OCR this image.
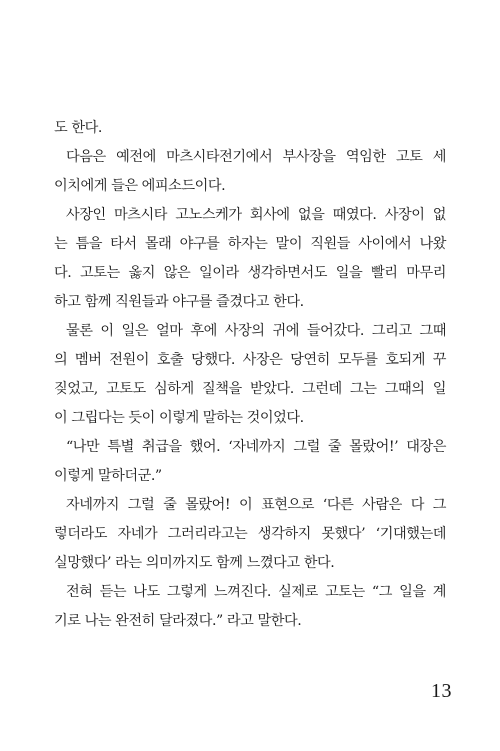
도 한다.
다음은 예전에 마츠시타전기에서 부사장을 역임한 고토 세
이치에게 들은 에피소드이다.
사장인 마츠시타 고노스케가 회사에 없을 때였다. 사장이 없
는 틈을 타서 몰래 야구를 하자는 말이 직원들 사이에서 나왔
다. 고토는 옳지 않은 일이라 생각하면서도 일을 빨리 마무리
하고 함께 직원들과 야구를 즐겼다고 한다.
물론 이 일은 얼마 후에 사장의 귀에 들어갔다. 그리고 그때
의 멤버 전원이 호출 당했다. 사장은 당연히 모두를 호되게 꾸
짖었고, 고토도 심하게 질책을 받았다. 그런데 그는 그때의 일
이 그립다는 듯이 이렇게 말하는 것이었다.
“나만 특별 취급을 했어. ‘자네까지 그럴 줄 몰랐어!’ 대장은
이렇게 말하더군.”
자네까지 그럴 줄 몰랐어! 이 표현으로 ‘다른 사람은 다 그
렇더라도 자네가 그러리라고는 생각하지 못했다’ ‘기대했는데
실망했다’ 라는 의미까지도 함께 느꼈다고 한다.
전혀 듣는 나도 그렇게 느껴진다. 실제로 고토는 “그 일을 계
기로 나는 완전히 달라졌다.” 라고 말한다.
13
